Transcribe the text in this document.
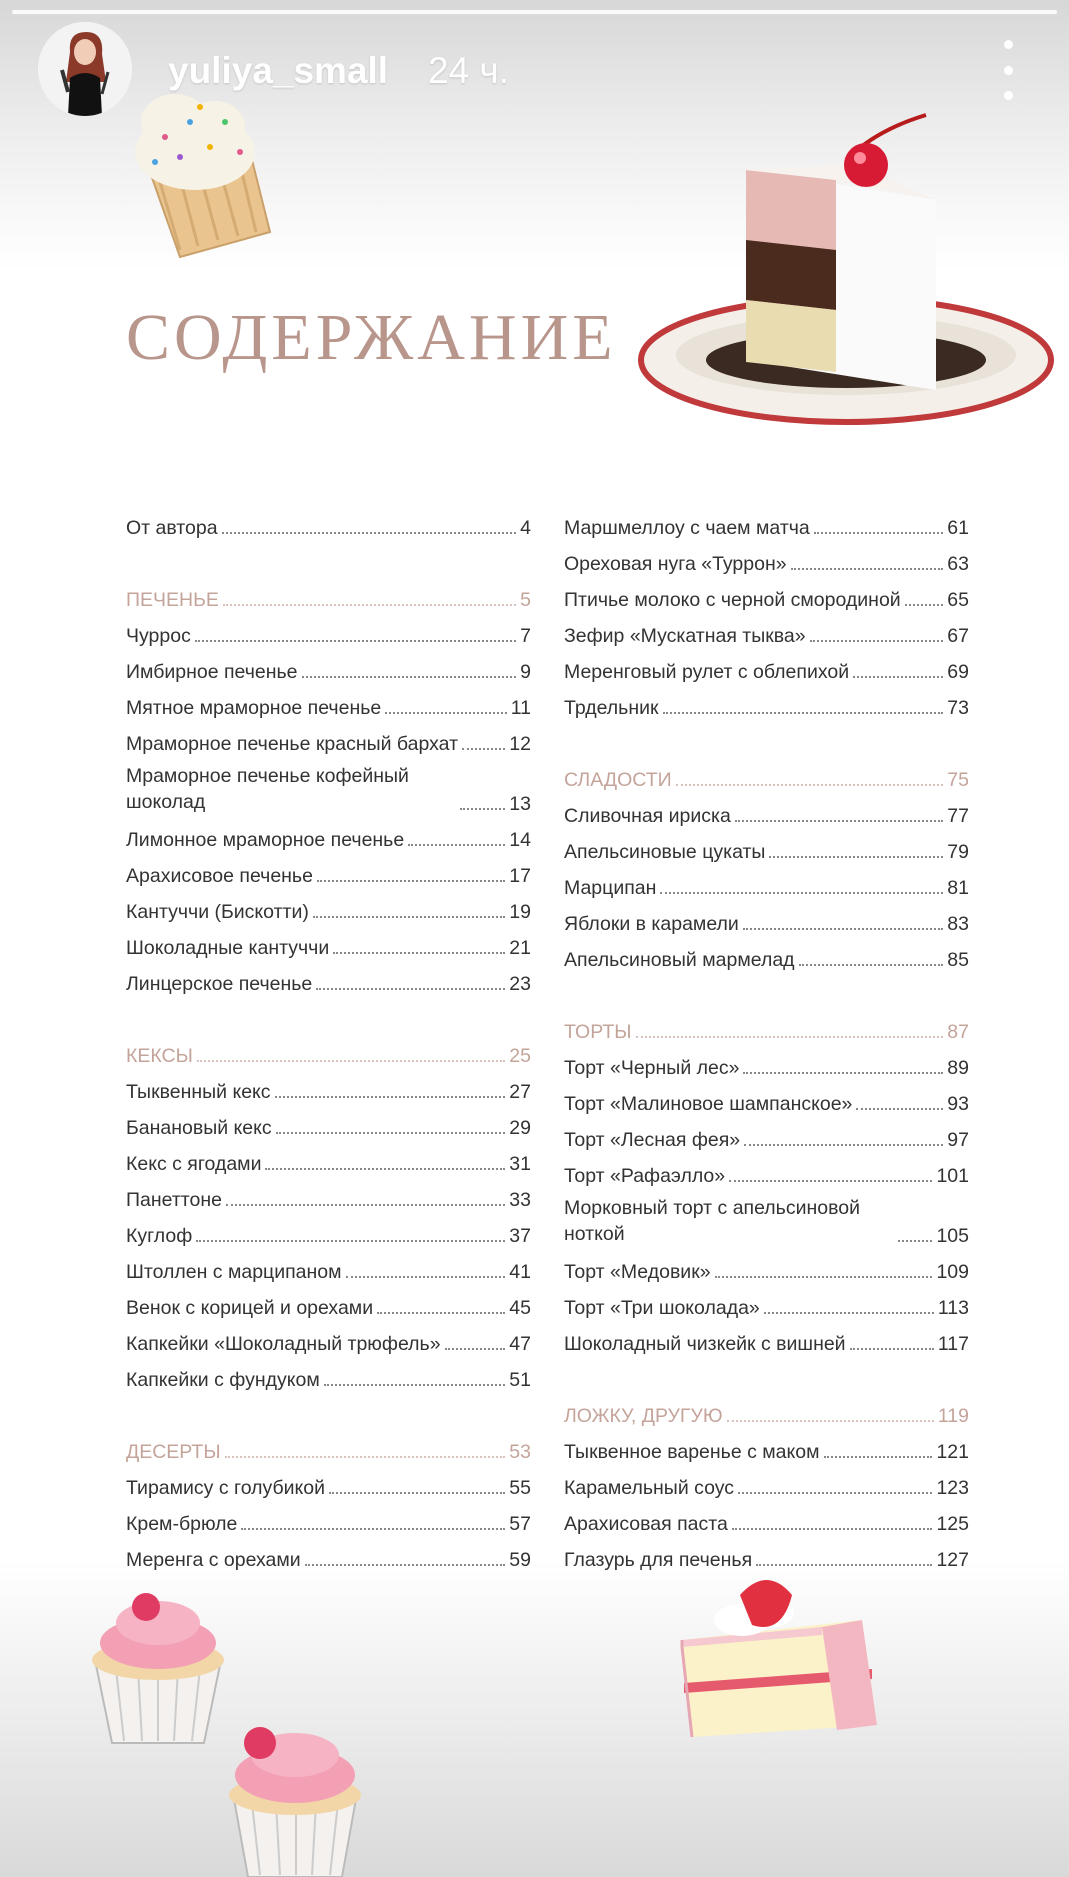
yuliya_small 24 ч.
СОДЕРЖАНИЕ
От автора	4
ПЕЧЕНЬЕ	5
Чуррос	7
Имбирное печенье	9
Мятное мраморное печенье	11
Мраморное печенье красный бархат	12
Мраморное печенье кофейный шоколад	13
Лимонное мраморное печенье	14
Арахисовое печенье	17
Кантуччи (Бискотти)	19
Шоколадные кантуччи	21
Линцерское печенье	23
КЕКСЫ	25
Тыквенный кекс	27
Банановый кекс	29
Кекс с ягодами	31
Панеттоне	33
Куглоф	37
Штоллен с марципаном	41
Венок с корицей и орехами	45
Капкейки «Шоколадный трюфель»	47
Капкейки с фундуком	51
ДЕСЕРТЫ	53
Тирамису с голубикой	55
Крем-брюле	57
Меренга с орехами	59
Маршмеллоу с чаем матча	61
Ореховая нуга «Туррон»	63
Птичье молоко с черной смородиной 65
Зефир «Мускатная тыква»	67
Меренговый рулет с облепихой	69
Трдельник	73
СЛАДОСТИ	75
Сливочная ириска	77
Апельсиновые цукаты	79
Марципан	81
Яблоки в карамели	83
Апельсиновый мармелад	85
ТОРТЫ	87
Торт «Черный лес»	89
Торт «Малиновое шампанское»	93
Торт «Лесная фея»	97
Торт «Рафаэлло»	101
Морковный торт с апельсиновой ноткой	105
Торт «Медовик»	109
Торт «Три шоколада»	113
Шоколадный чизкейк с вишней	117
ЛОЖКУ, ДРУГУЮ	119
Тыквенное варенье с маком	121
Карамельный соус	123
Арахисовая паста	125
Глазурь для печенья	127
